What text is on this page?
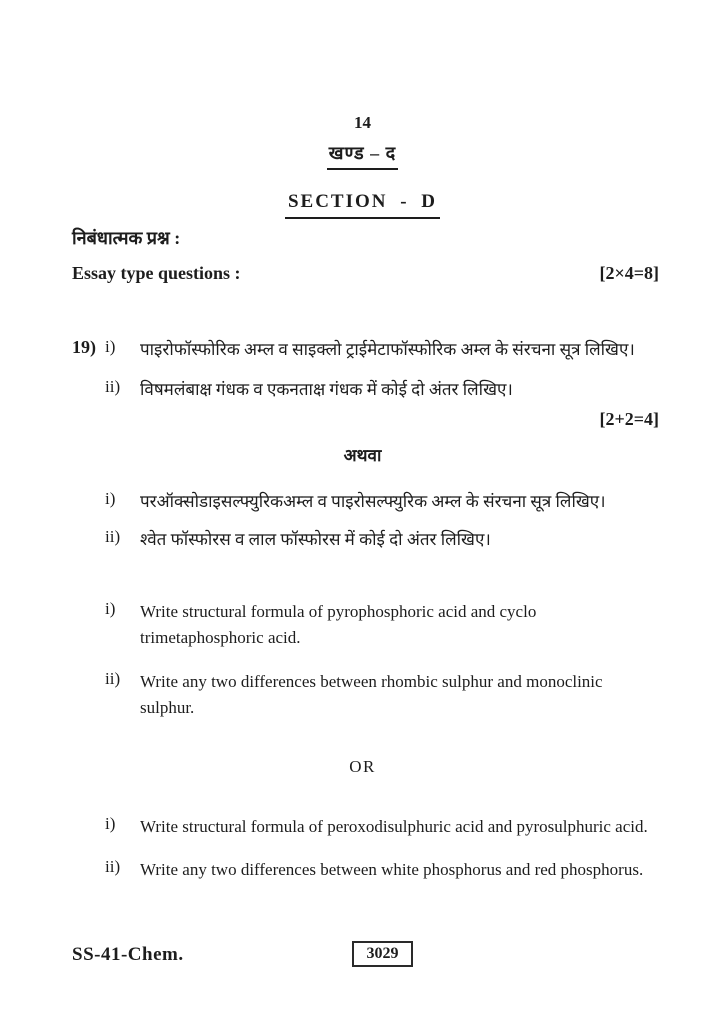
14
खण्ड – द
SECTION - D
निबंधात्मक प्रश्न :
Essay type questions :	[2×4=8]
19) i)	पाइरोफॉस्फोरिक अम्ल व साइक्लो ट्राईमेटाफॉस्फोरिक अम्ल के संरचना सूत्र लिखिए।
ii)	विषमलंबाक्ष गंधक व एकनताक्ष गंधक में कोई दो अंतर लिखिए।
[2+2=4]
अथवा
i)	परऑक्सोडाइसल्फ्युरिकअम्ल व पाइरोसल्फ्युरिक अम्ल के संरचना सूत्र लिखिए।
ii)	श्वेत फॉस्फोरस व लाल फॉस्फोरस में कोई दो अंतर लिखिए।
i)	Write structural formula of pyrophosphoric acid and cyclo trimetaphosphoric acid.
ii)	Write any two differences between rhombic sulphur and monoclinic sulphur.
OR
i)	Write structural formula of peroxodisulphuric acid and pyrosulphuric acid.
ii)	Write any two differences between white phosphorus and red phosphorus.
SS-41-Chem.	3029
